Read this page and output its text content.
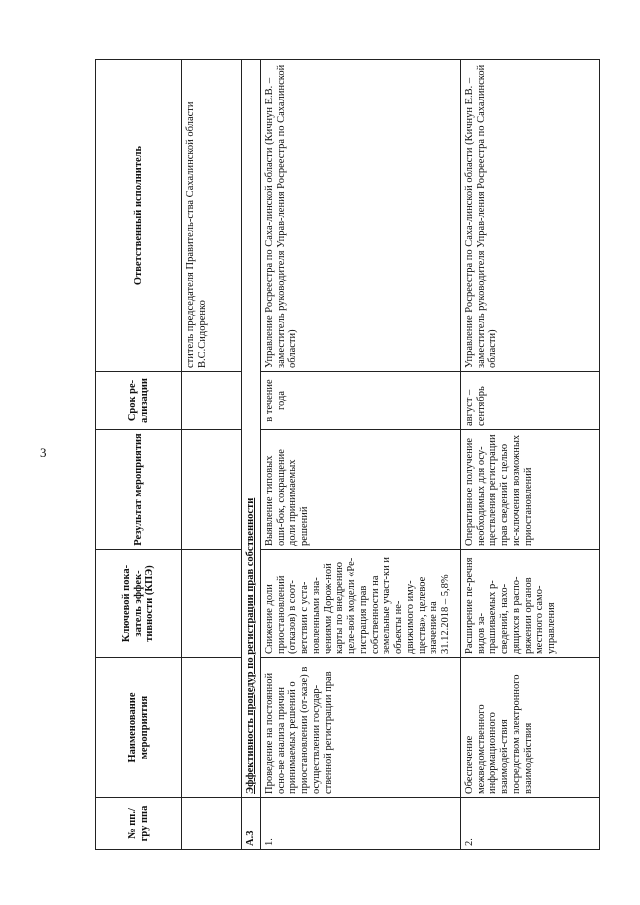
3
№ пп./ гру ппа	Наименование мероприятия	Ключевой пока-затель эффек-тивности (КПЭ)	Результат мероприятия	Срок ре-ализации	Ответственный исполнитель
					ститель председателя Правитель-ства Сахалинской области В.С.Сидоренко
А.3	Эффективность процедур по регистрации прав собственности				
1.	Проведение на постоянной осно-ве анализа причин принимаемых решений о приостановлении (от-казе) в осуществлении государ-ственной регистрации прав	Снижение доли приостановлений (отказов) в соот-ветствии с уста-новленными зна-чениями Дорож-ной карты по внедрению целе-вой модели «Ре-гистрация прав собственности на земельные участ-ки и объекты не-движимого иму-щества», целевое значение на 31.12.2018 – 5,8%	Выявление типовых оши-бок, сокращение доли принимаемых решений	в течение года	Управление Росреестра по Саха-линской области (Кичнун Е.В. – заместитель руководителя Управ-ления Росреестра по Сахалинской области)
2.	Обеспечение межведомственного информационного взаимодей-ствия посредством электронного взаимодействия	Расширение пе-речня видов за-прашиваемых р-сведений, нахо-дящихся в распо-ряжении органов местного само-управления	Оперативное получение необходимых для осу-ществления регистрации прав сведений с целью ис-ключения возможных приостановлений	август – сентябрь	Управление Росреестра по Саха-линской области (Кичнун Е.В. – заместитель руководителя Управ-ления Росреестра по Сахалинской области)
